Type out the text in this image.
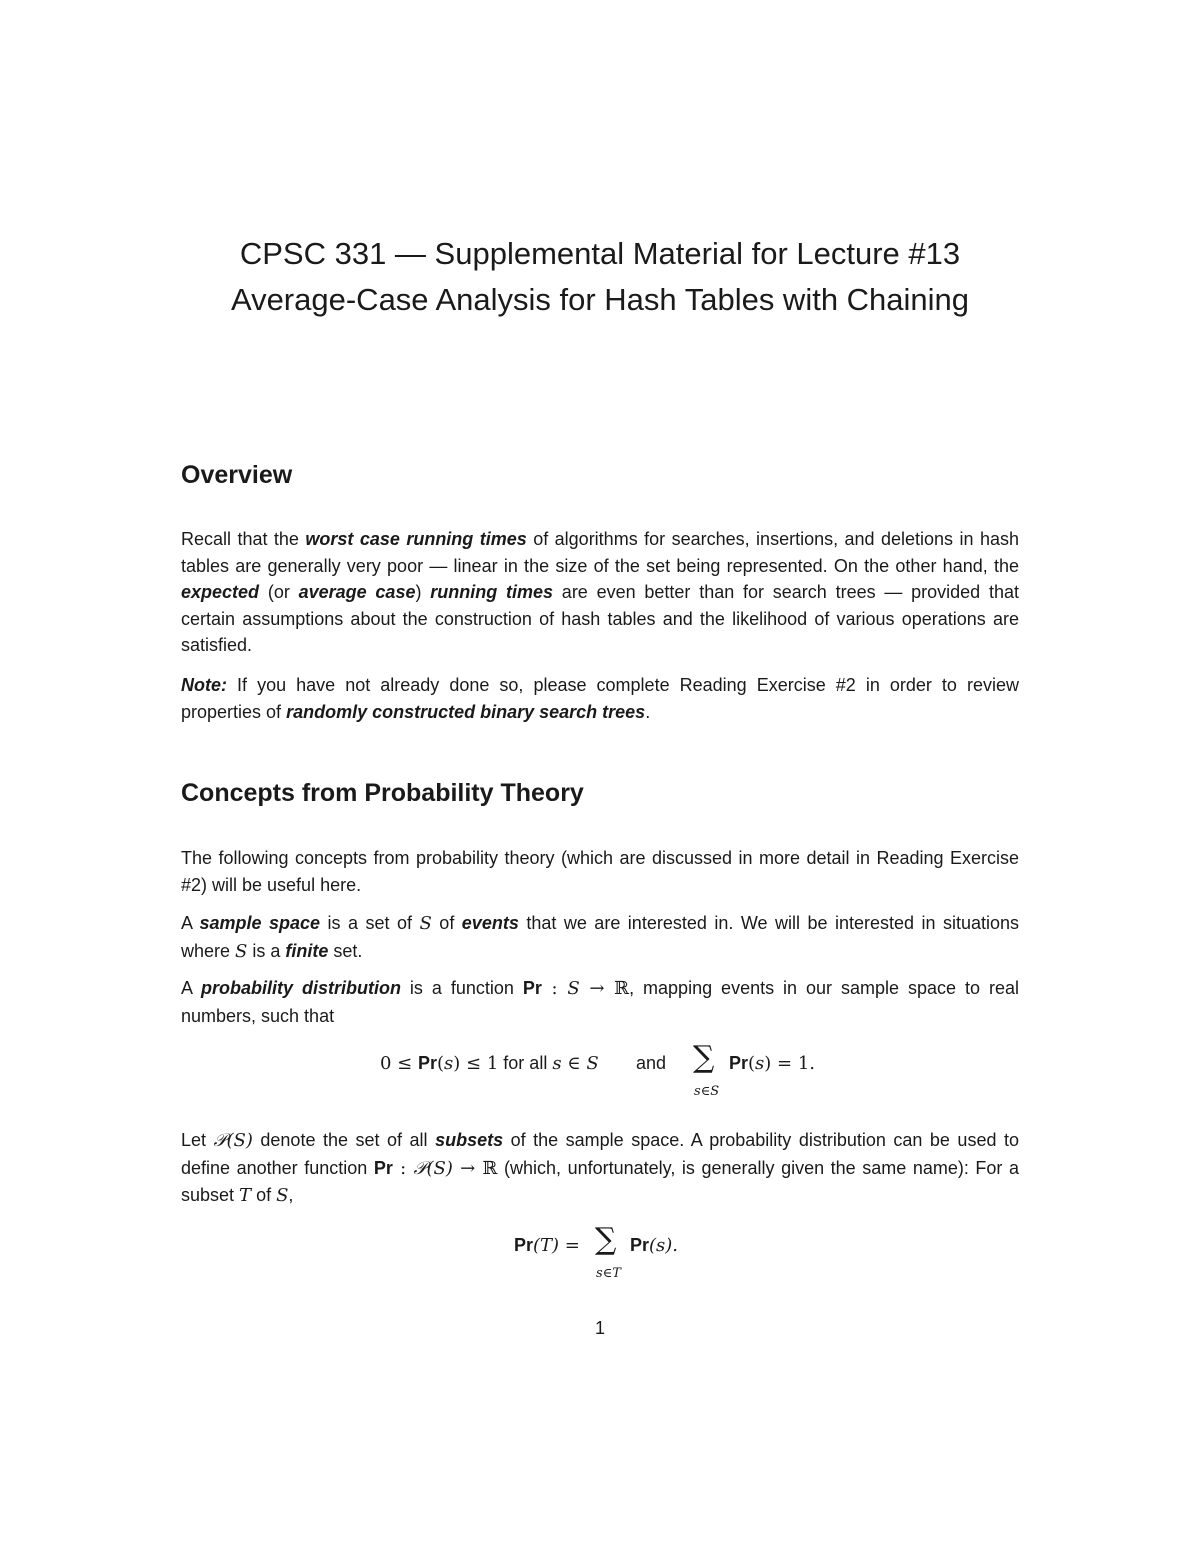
CPSC 331 — Supplemental Material for Lecture #13
Average-Case Analysis for Hash Tables with Chaining
Overview

Recall that the worst case running times of algorithms for searches, insertions, and deletions in hash tables are generally very poor — linear in the size of the set being represented. On the other hand, the expected (or average case) running times are even better than for search trees — provided that certain assumptions about the construction of hash tables and the likelihood of various operations are satisfied.

Note: If you have not already done so, please complete Reading Exercise #2 in order to review properties of randomly constructed binary search trees.

Concepts from Probability Theory

The following concepts from probability theory (which are discussed in more detail in Reading Exercise #2) will be useful here.

A sample space is a set of S of events that we are interested in. We will be interested in situations where S is a finite set.

A probability distribution is a function Pr : S → ℝ, mapping events in our sample space to real numbers, such that

0 ≤ Pr(s) ≤ 1 for all s ∈ S and ∑
s∈S
Pr(s) = 1.

Let 𝒫(S) denote the set of all subsets of the sample space. A probability distribution can be used to define another function Pr : 𝒫(S) → ℝ (which, unfortunately, is generally given the same name): For a subset T of S,

Pr(T) = ∑
s∈T
Pr(s).
1
